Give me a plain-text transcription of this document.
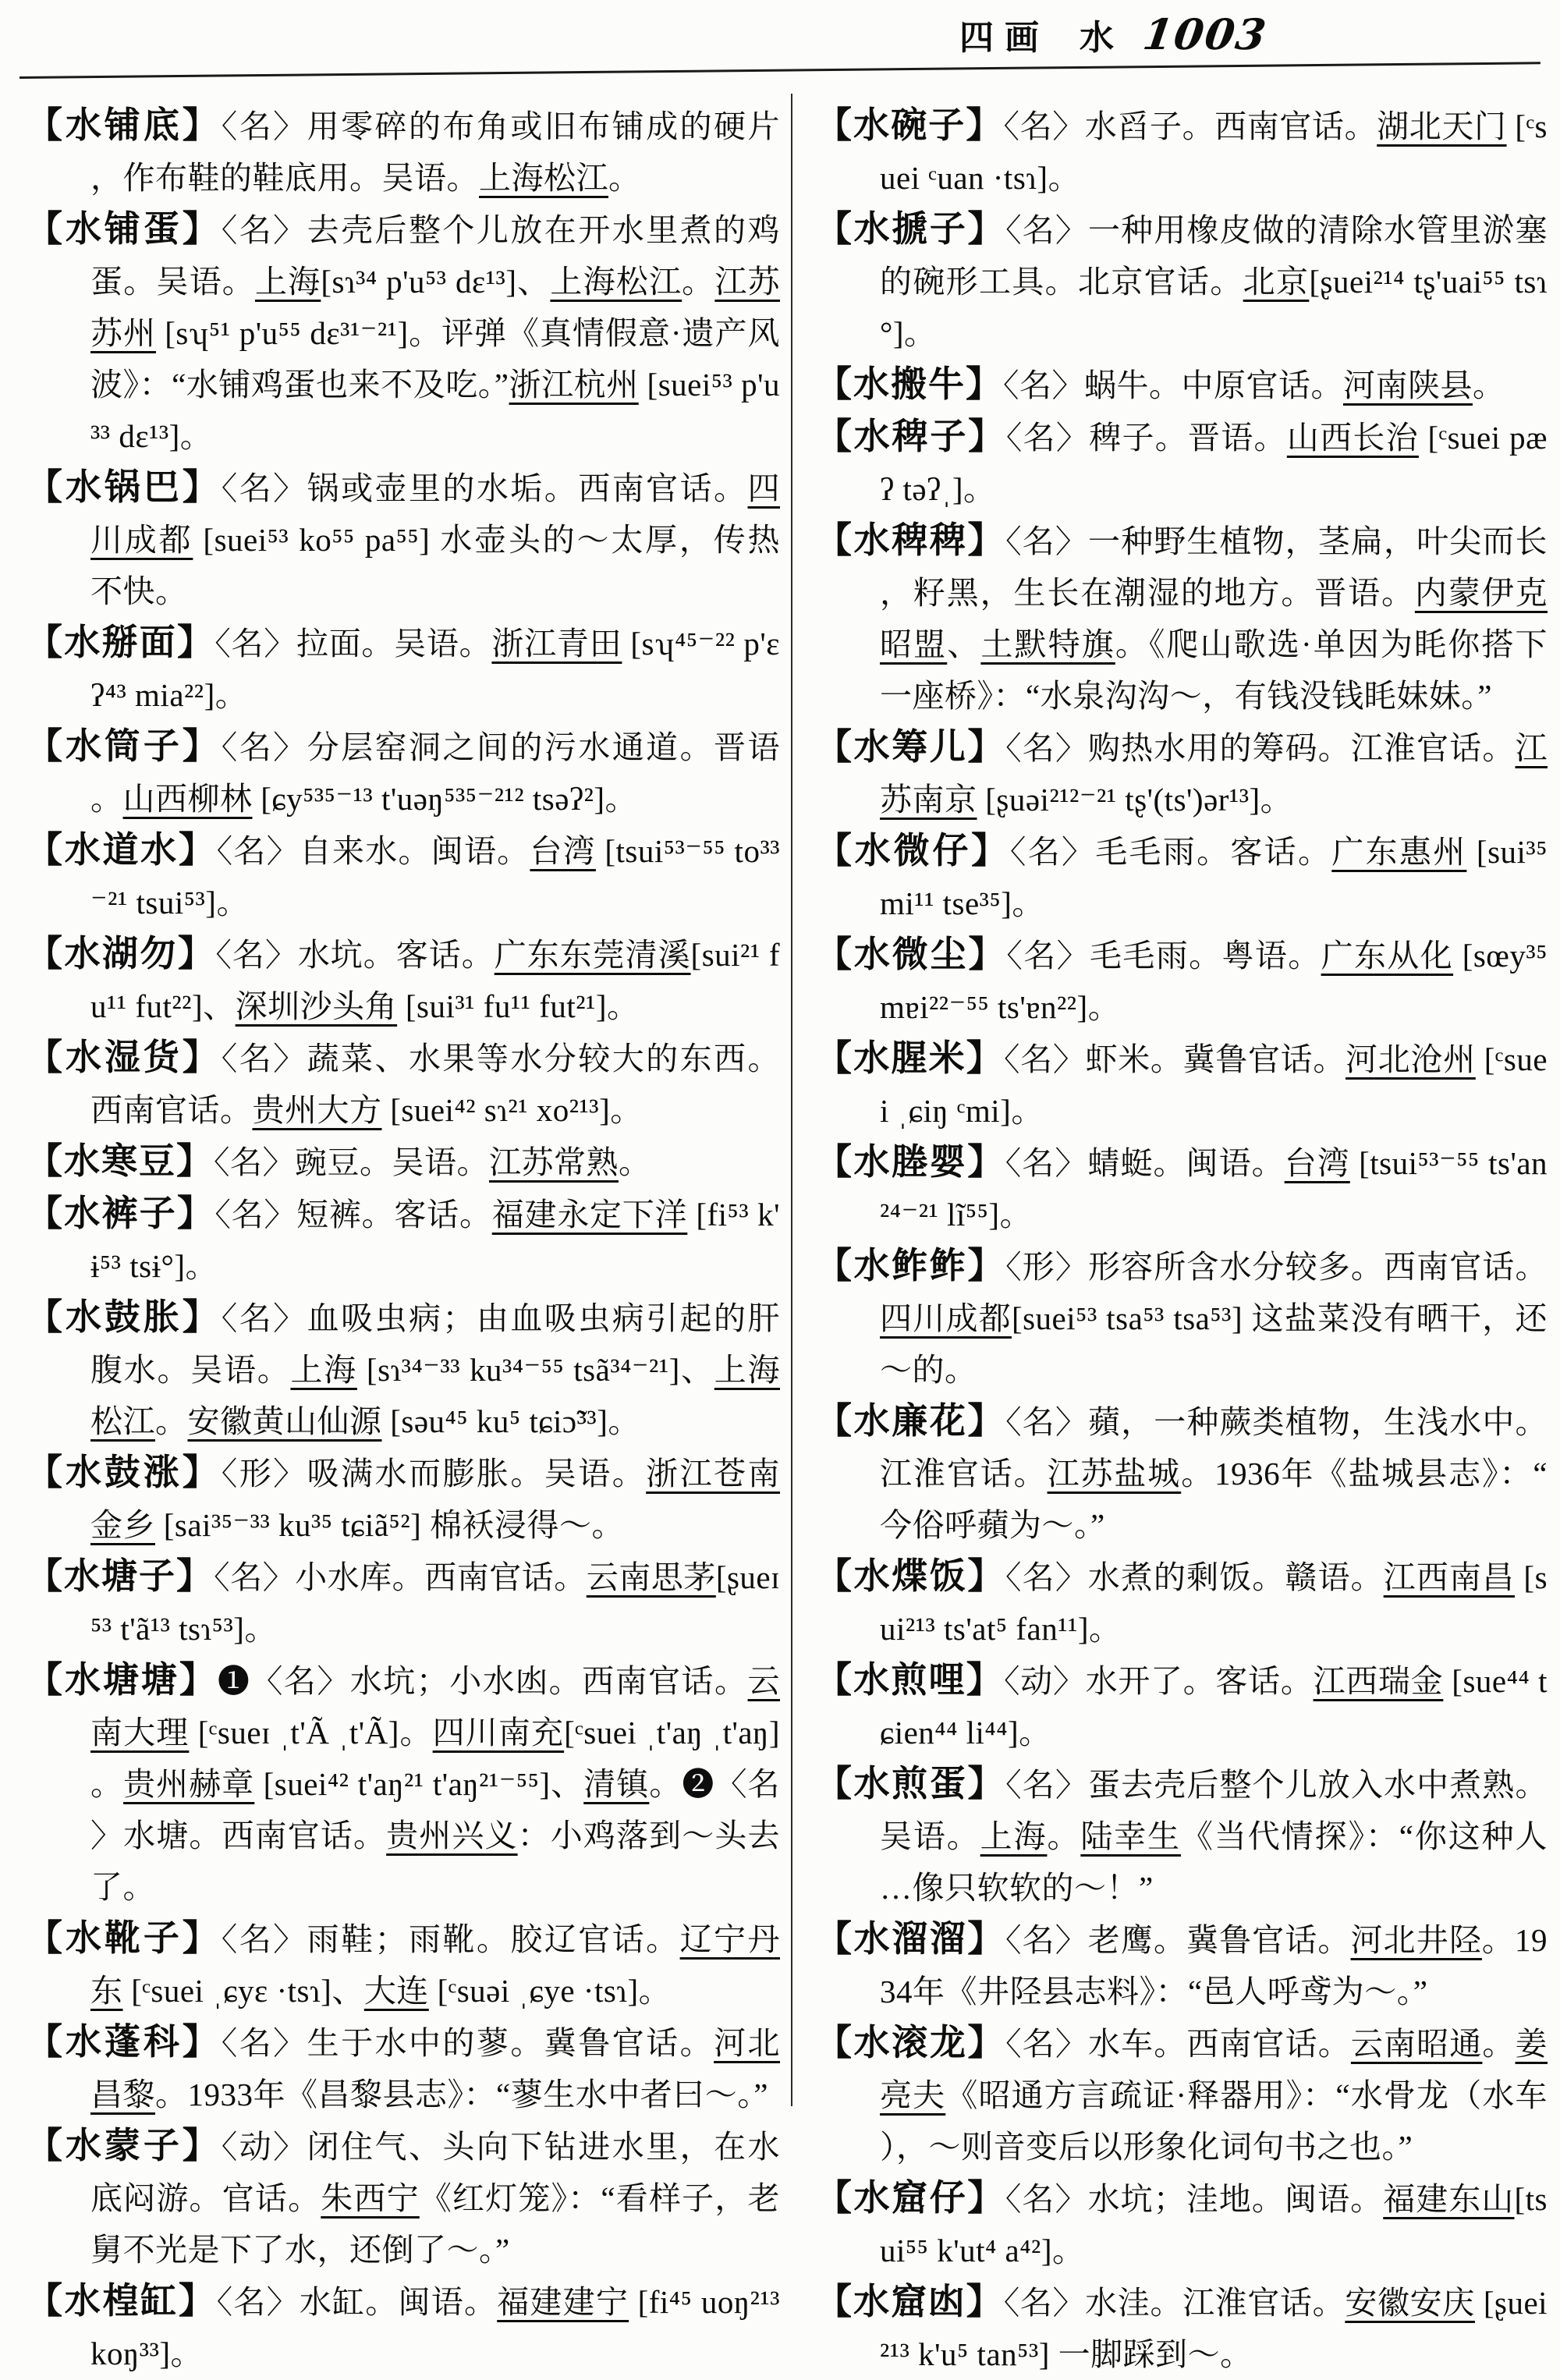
四画 水 1003
【水铺底】〈名〉用零碎的布角或旧布铺成的硬片，作布鞋的鞋底用。吴语。上海松江。
【水铺蛋】〈名〉去壳后整个儿放在开水里煮的鸡蛋。吴语。上海[sɿ³⁴ p'u⁵³ dɛ¹³]、上海松江。江苏苏州 [sʮ⁵¹ p'u⁵⁵ dɛ³¹⁻²¹]。评弹《真情假意·遗产风波》：“水铺鸡蛋也来不及吃。”浙江杭州 [suei⁵³ p'u³³ dɛ¹³]。
【水锅巴】〈名〉锅或壶里的水垢。西南官话。四川成都 [suei⁵³ ko⁵⁵ pa⁵⁵] 水壶头的～太厚，传热不快。
【水掰面】〈名〉拉面。吴语。浙江青田 [sʮ⁴⁵⁻²² p'ɛʔ⁴³ mia²²]。
【水筒子】〈名〉分层窑洞之间的污水通道。晋语。山西柳林 [ɕy⁵³⁵⁻¹³ t'uəŋ⁵³⁵⁻²¹² tsəʔ²]。
【水道水】〈名〉自来水。闽语。台湾 [tsui⁵³⁻⁵⁵ to³³⁻²¹ tsui⁵³]。
【水湖勿】〈名〉水坑。客话。广东东莞清溪[sui²¹ fu¹¹ fut²²]、深圳沙头角 [sui³¹ fu¹¹ fut²¹]。
【水湿货】〈名〉蔬菜、水果等水分较大的东西。西南官话。贵州大方 [suei⁴² sɿ²¹ xo²¹³]。
【水寒豆】〈名〉豌豆。吴语。江苏常熟。
【水裤子】〈名〉短裤。客话。福建永定下洋 [fi⁵³ k'ɨ⁵³ tsɨ°]。
【水鼓胀】〈名〉血吸虫病；由血吸虫病引起的肝腹水。吴语。上海 [sɿ³⁴⁻³³ ku³⁴⁻⁵⁵ tsã³⁴⁻²¹]、上海松江。安徽黄山仙源 [səu⁴⁵ ku⁵ tɕiɔ̃³³]。
【水鼓涨】〈形〉吸满水而膨胀。吴语。浙江苍南金乡 [sai³⁵⁻³³ ku³⁵ tɕiã⁵²] 棉袄浸得～。
【水塘子】〈名〉小水库。西南官话。云南思茅[ʂueɪ⁵³ t'ã¹³ tsɿ⁵³]。
【水塘塘】❶〈名〉水坑；小水凼。西南官话。云南大理 [ᶜsueɪ ˌt'Ã ˌt'Ã]。四川南充[ᶜsuei ˌt'aŋ ˌt'aŋ]。贵州赫章 [suei⁴² t'aŋ²¹ t'aŋ²¹⁻⁵⁵]、清镇。❷〈名〉水塘。西南官话。贵州兴义：小鸡落到～头去了。
【水靴子】〈名〉雨鞋；雨靴。胶辽官话。辽宁丹东 [ᶜsuei ˌɕyɛ ·tsɿ]、大连 [ᶜsuəi ˌɕye ·tsɿ]。
【水蓬科】〈名〉生于水中的蓼。冀鲁官话。河北昌黎。1933年《昌黎县志》：“蓼生水中者曰～。”
【水蒙子】〈动〉闭住气、头向下钻进水里，在水底闷游。官话。朱西宁《红灯笼》：“看样子，老舅不光是下了水，还倒了～。”
【水楻缸】〈名〉水缸。闽语。福建建宁 [fi⁴⁵ uoŋ²¹³ koŋ³³]。
【水碗子】〈名〉水舀子。西南官话。湖北天门 [ᶜsuei ᶜuan ·tsɿ]。
【水搋子】〈名〉一种用橡皮做的清除水管里淤塞的碗形工具。北京官话。北京[ʂuei²¹⁴ tʂ'uai⁵⁵ tsɿ°]。
【水搬牛】〈名〉蜗牛。中原官话。河南陕县。
【水稗子】〈名〉稗子。晋语。山西长治 [ᶜsuei pæʔ təʔˌ]。
【水稗稗】〈名〉一种野生植物，茎扁，叶尖而长，籽黑，生长在潮湿的地方。晋语。内蒙伊克昭盟、土默特旗。《爬山歌选·单因为眊你搭下一座桥》：“水泉沟沟～，有钱没钱眊妹妹。”
【水筹儿】〈名〉购热水用的筹码。江淮官话。江苏南京 [ʂuəi²¹²⁻²¹ tʂ'(ts')ər¹³]。
【水微仔】〈名〉毛毛雨。客话。广东惠州 [sui³⁵ mi¹¹ tse³⁵]。
【水微尘】〈名〉毛毛雨。粤语。广东从化 [sœy³⁵ mɐi²²⁻⁵⁵ ts'ɐn²²]。
【水腥米】〈名〉虾米。冀鲁官话。河北沧州 [ᶜsuei ˌɕiŋ ᶜmi]。
【水塍婴】〈名〉蜻蜓。闽语。台湾 [tsui⁵³⁻⁵⁵ ts'an²⁴⁻²¹ lĩ⁵⁵]。
【水鲊鲊】〈形〉形容所含水分较多。西南官话。四川成都[suei⁵³ tsa⁵³ tsa⁵³] 这盐菜没有晒干，还～的。
【水廉花】〈名〉蘋，一种蕨类植物，生浅水中。江淮官话。江苏盐城。1936年《盐城县志》：“今俗呼蘋为～。”
【水煠饭】〈名〉水煮的剩饭。赣语。江西南昌 [sui²¹³ ts'at⁵ fan¹¹]。
【水煎哩】〈动〉水开了。客话。江西瑞金 [sue⁴⁴ tɕien⁴⁴ li⁴⁴]。
【水煎蛋】〈名〉蛋去壳后整个儿放入水中煮熟。吴语。上海。陆幸生《当代情探》：“你这种人…像只软软的～！”
【水溜溜】〈名〉老鹰。冀鲁官话。河北井陉。1934年《井陉县志料》：“邑人呼鸢为～。”
【水滚龙】〈名〉水车。西南官话。云南昭通。姜亮夫《昭通方言疏证·释器用》：“水骨龙（水车），～则音变后以形象化词句书之也。”
【水窟仔】〈名〉水坑；洼地。闽语。福建东山[tsui⁵⁵ k'ut⁴ a⁴²]。
【水窟凼】〈名〉水洼。江淮官话。安徽安庆 [ʂuei²¹³ k'u⁵ tan⁵³] 一脚踩到～。
